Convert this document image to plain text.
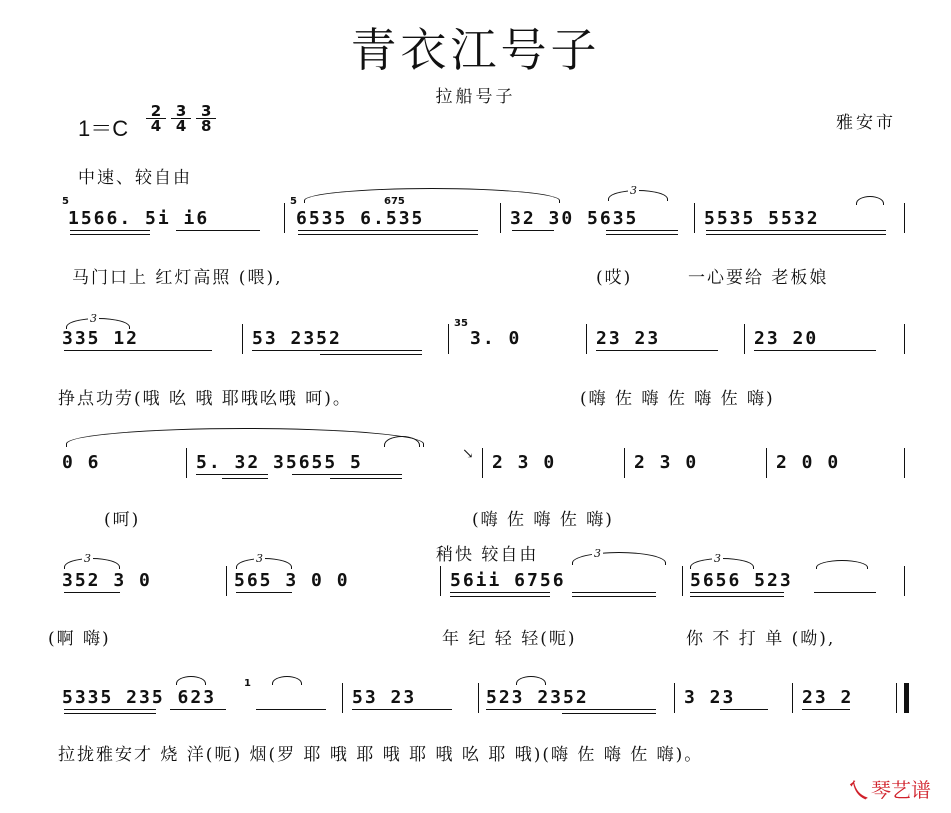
青衣江号子
拉船号子
$1=C \frac{2}{4} \frac{3}{4} \frac{3}{8}$	雅安市
中速、较自由
5	5	675
1566. 5i i6	6535 6.535	32 30 5635	5535 5532
3
马门口上 红灯高照 (喂),	(哎)	一心要给 老板娘
35
335 12	53 2352	3. 0	23 23	23 20
3
挣点功劳(哦 吆 哦 耶哦吆哦 呵)。	(嗨 佐 嗨 佐 嗨 佐 嗨)
0 6	5. 32 35655 5	↘ 2 3 0	2 3 0	2 0 0
(呵)	(嗨 佐 嗨 佐 嗨)
稍快 较自由
352 3 0	565 3 0 0	56ii 6756	5656 523
3	3	3	3
(啊 嗨)	年 纪 轻 轻(呃)	你 不 打 单 (呦),
1
5335 235 623	53 23	523 2352	3 23	23 2
拉拢雅安才 烧 洋(呃) 烟(罗 耶 哦 耶 哦 耶 哦 吆 耶 哦)(嗨 佐 嗨 佐 嗨)。
乀 琴艺谱
